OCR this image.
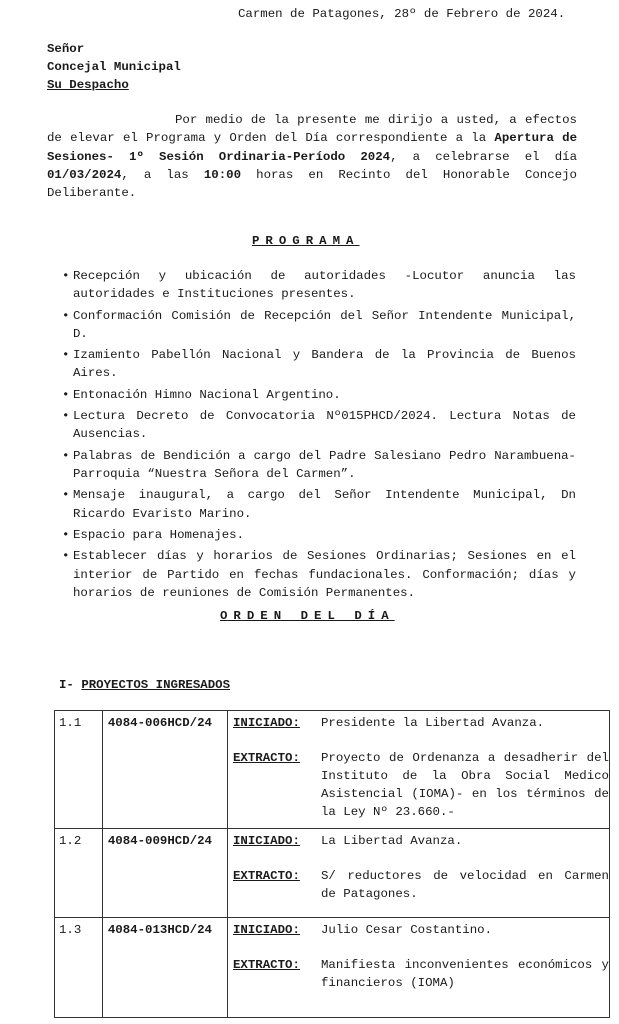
Carmen de Patagones, 28º de Febrero de 2024.
Señor
Concejal Municipal
Su Despacho
Por medio de la presente me dirijo a usted, a efectos de elevar el Programa y Orden del Día correspondiente a la Apertura de Sesiones- 1º Sesión Ordinaria-Período 2024, a celebrarse el día 01/03/2024, a las 10:00 horas en Recinto del Honorable Concejo Deliberante.
PROGRAMA
• Recepción y ubicación de autoridades -Locutor anuncia las autoridades e Instituciones presentes.
• Conformación Comisión de Recepción del Señor Intendente Municipal, D.
• Izamiento Pabellón Nacional y Bandera de la Provincia de Buenos Aires.
• Entonación Himno Nacional Argentino.
• Lectura Decreto de Convocatoria Nº015PHCD/2024. Lectura Notas de Ausencias.
• Palabras de Bendición a cargo del Padre Salesiano Pedro Narambuena-Parroquia “Nuestra Señora del Carmen”.
• Mensaje inaugural, a cargo del Señor Intendente Municipal, Dn Ricardo Evaristo Marino.
• Espacio para Homenajes.
• Establecer días y horarios de Sesiones Ordinarias; Sesiones en el interior de Partido en fechas fundacionales. Conformación; días y horarios de reuniones de Comisión Permanentes.
ORDEN DEL DÍA
I- PROYECTOS INGRESADOS
1.1	4084-006HCD/24	INICIADO: Presidente la Libertad Avanza.
EXTRACTO: Proyecto de Ordenanza a desadherir del Instituto de la Obra Social Medico Asistencial (IOMA)- en los términos de la Ley Nº 23.660.-

1.2	4084-009HCD/24	INICIADO: La Libertad Avanza.
EXTRACTO: S/ reductores de velocidad en Carmen de Patagones.

1.3	4084-013HCD/24	INICIADO: Julio Cesar Costantino.
EXTRACTO: Manifiesta inconvenientes económicos y financieros (IOMA)
